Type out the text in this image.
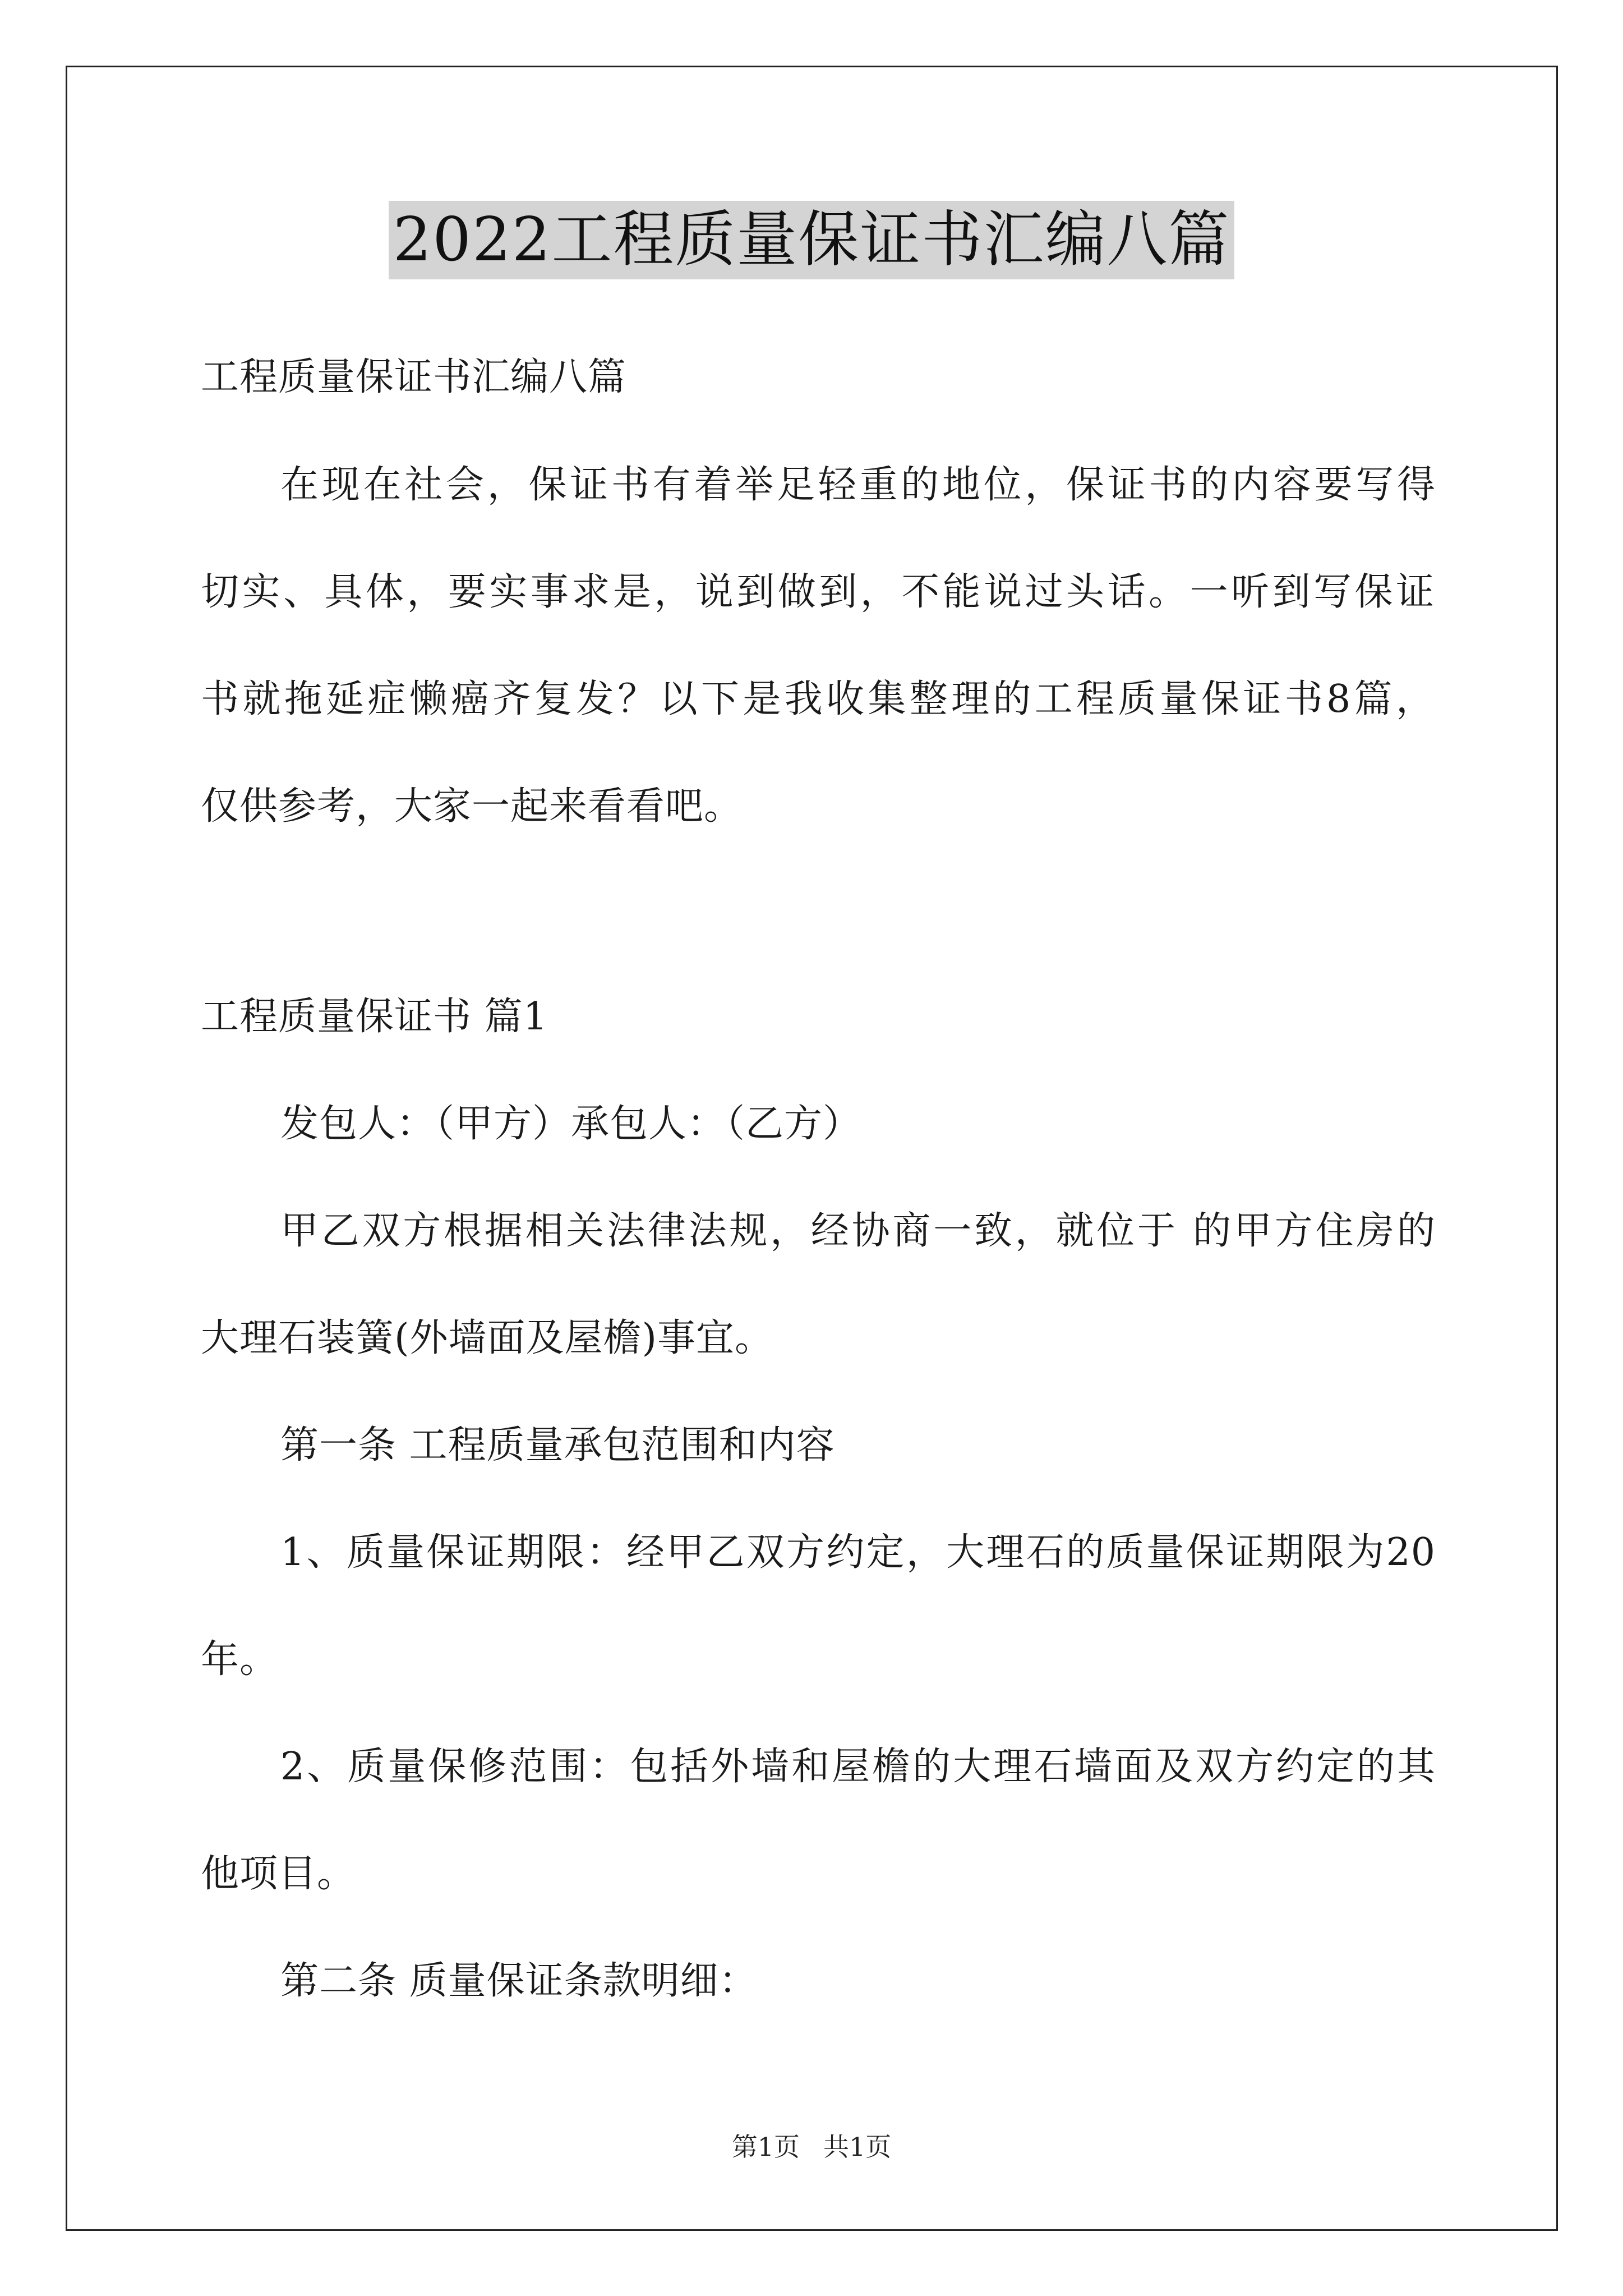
2022工程质量保证书汇编八篇
工程质量保证书汇编八篇
在现在社会，保证书有着举足轻重的地位，保证书的内容要写得
切实、具体，要实事求是，说到做到，不能说过头话。一听到写保证
书就拖延症懒癌齐复发？以下是我收集整理的工程质量保证书8篇，
仅供参考，大家一起来看看吧。
工程质量保证书 篇1
发包人：（甲方）承包人：（乙方）
甲乙双方根据相关法律法规，经协商一致，就位于 的甲方住房的
大理石装簧(外墙面及屋檐)事宜。
第一条 工程质量承包范围和内容
1、质量保证期限：经甲乙双方约定，大理石的质量保证期限为20
年。
2、质量保修范围：包括外墙和屋檐的大理石墙面及双方约定的其
他项目。
第二条 质量保证条款明细：
第1页 共1页
